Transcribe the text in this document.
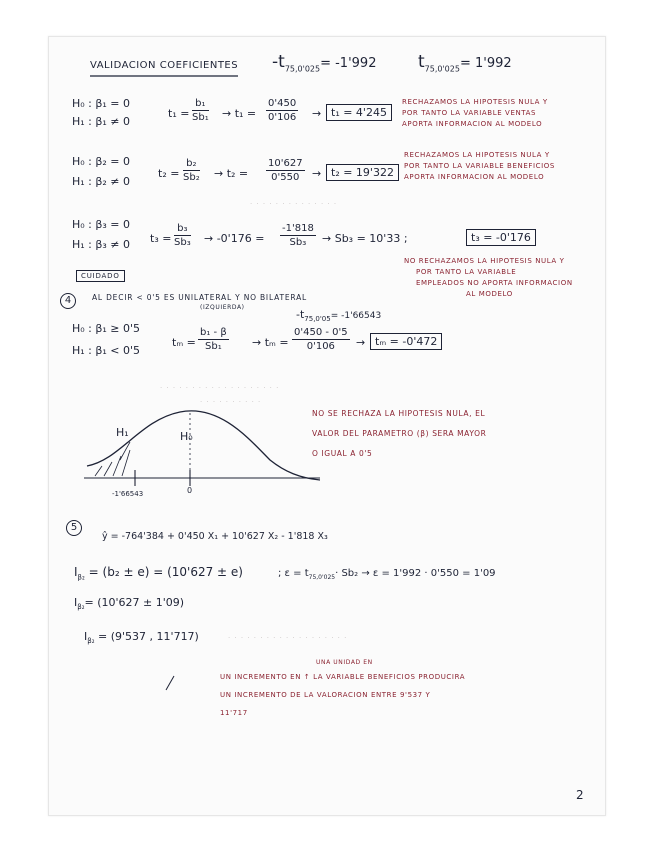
VALIDACION COEFICIENTES $-t_{75,0'025}= -1'992$ $t_{75,0'025}= 1'992$
H₀ : β₁ = 0
H₁ : β₁ ≠ 0
$t_1 = \frac{\text{b₁}}{\text{Sb₁}} \to t_1 = \frac{0'450}{0'106} \to t_1 = 4'245$
RECHAZAMOS LA HIPOTESIS NULA Y
POR TANTO LA VARIABLE VENTAS
APORTA INFORMACION AL MODELO
H₀ : β₂ = 0
H₁ : β₂ ≠ 0
$t_2 = \frac{\text{b₂}}{\text{Sb₂}} \to t_2 = \frac{10'627}{0'550} \to t_2 = 19'322$
RECHAZAMOS LA HIPOTESIS NULA Y
POR TANTO LA VARIABLE BENEFICIOS
APORTA INFORMACION AL MODELO
· · · · · · · · · · · · · ·
H₀ : β₃ = 0
H₁ : β₃ ≠ 0 $t_3 = \frac{\text{b₃}}{\text{Sb₃}} \to -0'176 = \frac{-1'818}{\text{Sb₃}} \to Sb_3 = 10'33$ ;	t₃ = -0'176
NO RECHAZAMOS LA HIPOTESIS NULA Y
POR TANTO LA VARIABLE
EMPLEADOS NO APORTA INFORMACION
AL MODELO
CUIDADO
4	AL DECIR < 0'5 ES UNILATERAL Y NO BILATERAL
(IZQUIERDA)
$-t_{75,0'05}= -1'66543$
H₀ : β₁ ≥ 0'5
H₁ : β₁ < 0'5
$t_m = \frac{\text{b₁ - β}}{\text{Sb₁}} \to t_m = \frac{0'450 - 0'5}{0'106} \to t_m = -0'472$
· · · · · · · · · · · · · · · · · · ·
· · · · · · · · · ·
H₁	H₀
-1'66543	0
NO SE RECHAZA LA HIPOTESIS NULA, EL
VALOR DEL PARAMETRO (β) SERA MAYOR
O IGUAL A 0'5
5
ŷ = -764'384 + 0'450 X₁ + 10'627 X₂ - 1'818 X₃
$I_{\beta_2} = (b_2 \pm e) = (10'627 \pm e)$	; $\varepsilon = t_{75,0'025}\cdot Sb_2 \to \varepsilon = 1'992 \cdot 0'550 = 1'09$
$I_{\beta_2}= (10'627 \pm 1'09)$
$I_{\beta_2} = (9'537$ , 11'717)	· · · · · · · · · · · · · · · · · · ·
UNA UNIDAD EN
UN INCREMENTO EN ↑ LA VARIABLE BENEFICIOS PRODUCIRA
UN INCREMENTO DE LA VALORACION ENTRE 9'537 Y
11'717
2
